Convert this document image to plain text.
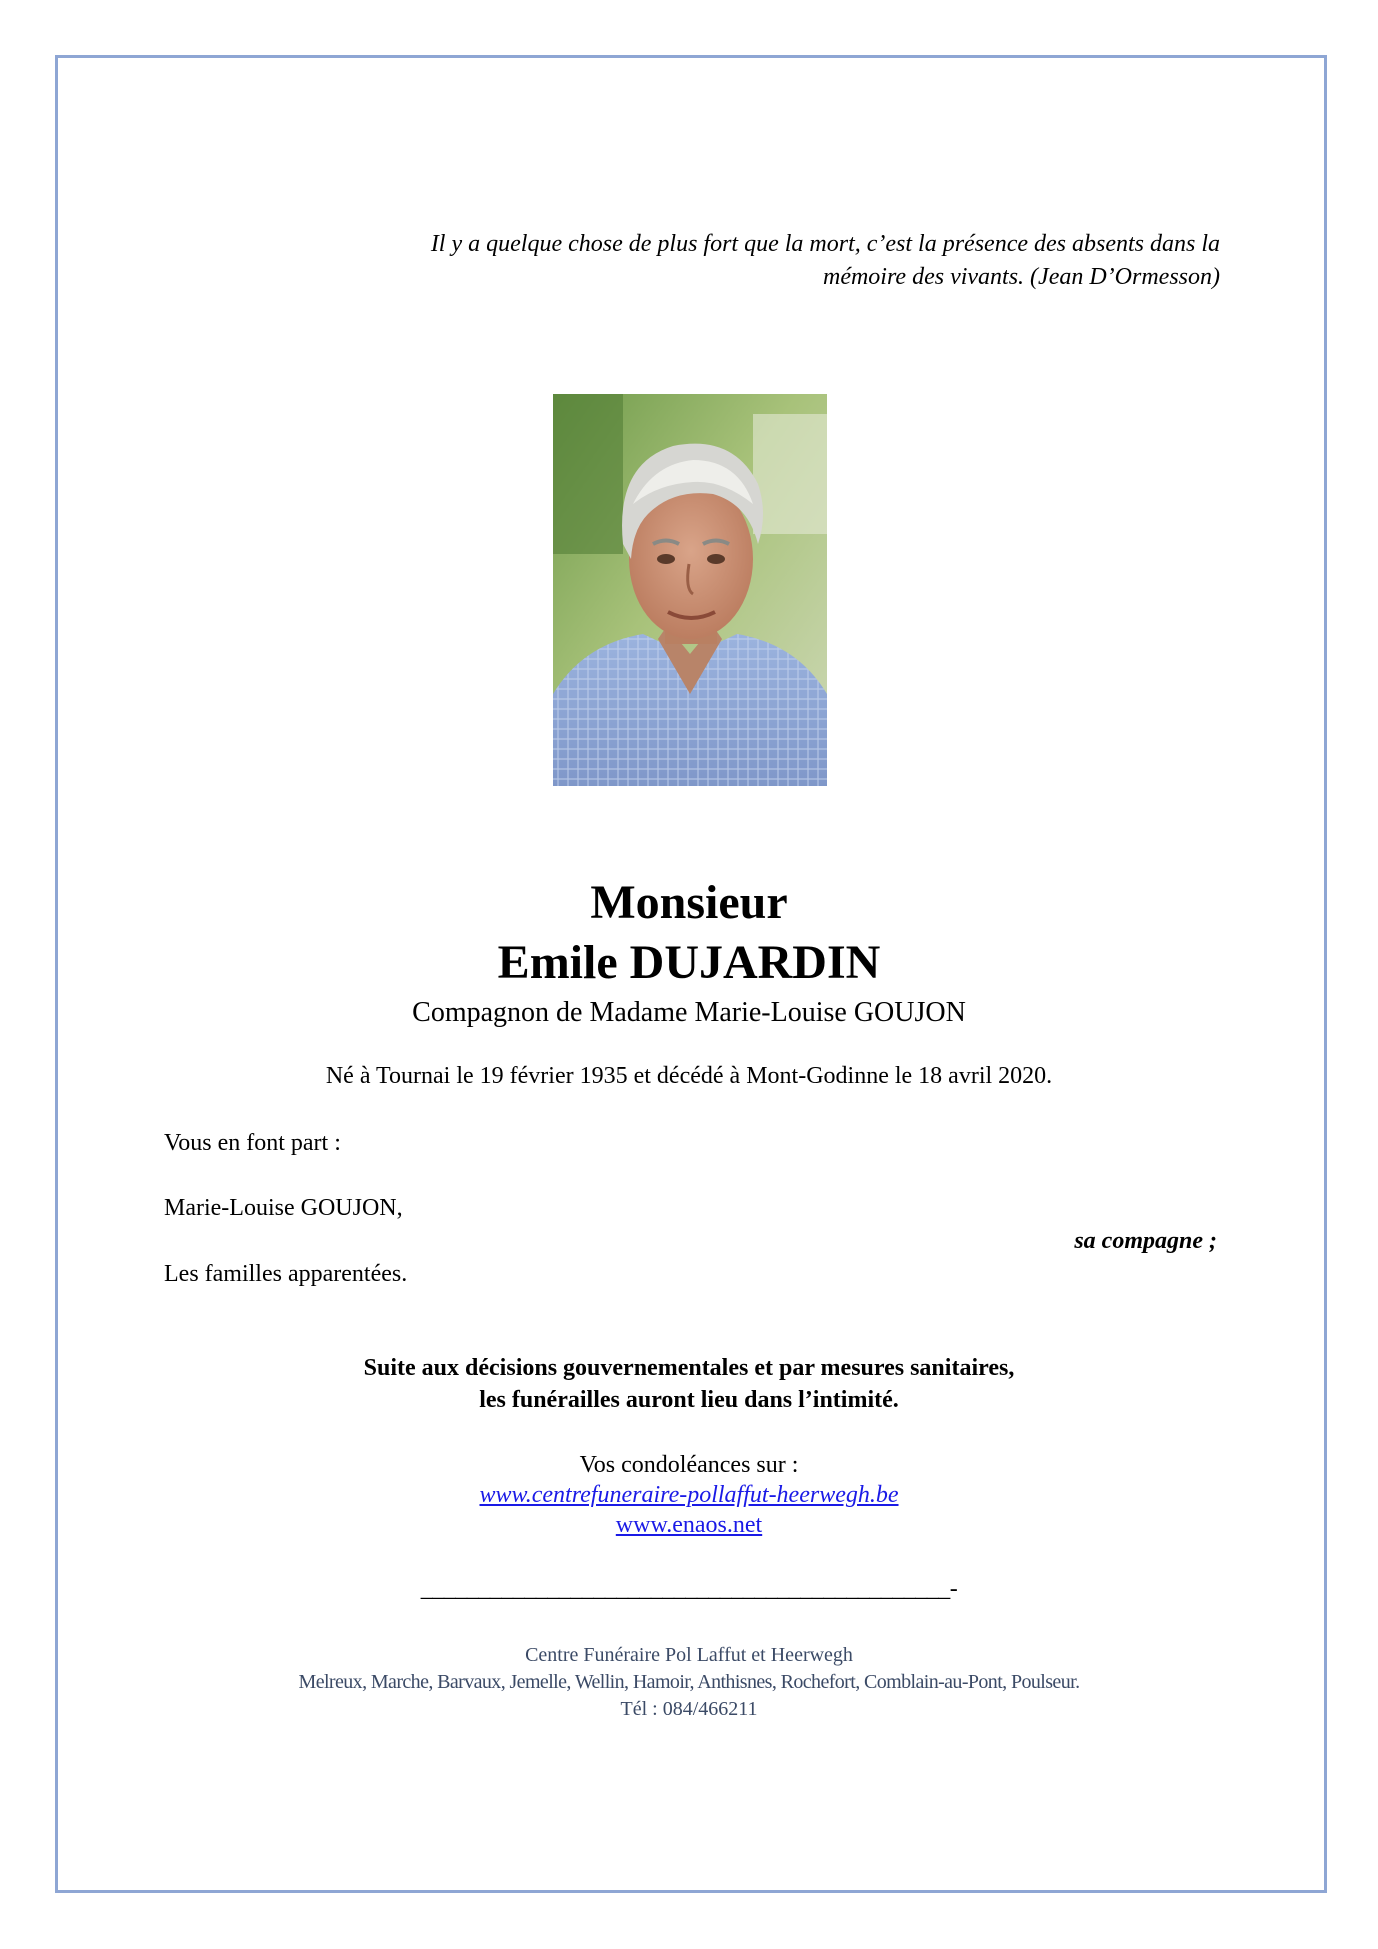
Il y a quelque chose de plus fort que la mort, c’est la présence des absents dans la
mémoire des vivants. (Jean D’Ormesson)
Monsieur
Emile DUJARDIN
Compagnon de Madame Marie-Louise GOUJON
Né à Tournai le 19 février 1935 et décédé à Mont-Godinne le 18 avril 2020.
Vous en font part :
Marie-Louise GOUJON,
sa compagne ;
Les familles apparentées.
Suite aux décisions gouvernementales et par mesures sanitaires,
les funérailles auront lieu dans l’intimité.
Vos condoléances sur :
www.centrefuneraire-pollaffut-heerwegh.be
www.enaos.net
______________________________________________-
Centre Funéraire Pol Laffut et Heerwegh
Melreux, Marche, Barvaux, Jemelle, Wellin, Hamoir, Anthisnes, Rochefort, Comblain-au-Pont, Poulseur.
Tél : 084/466211
